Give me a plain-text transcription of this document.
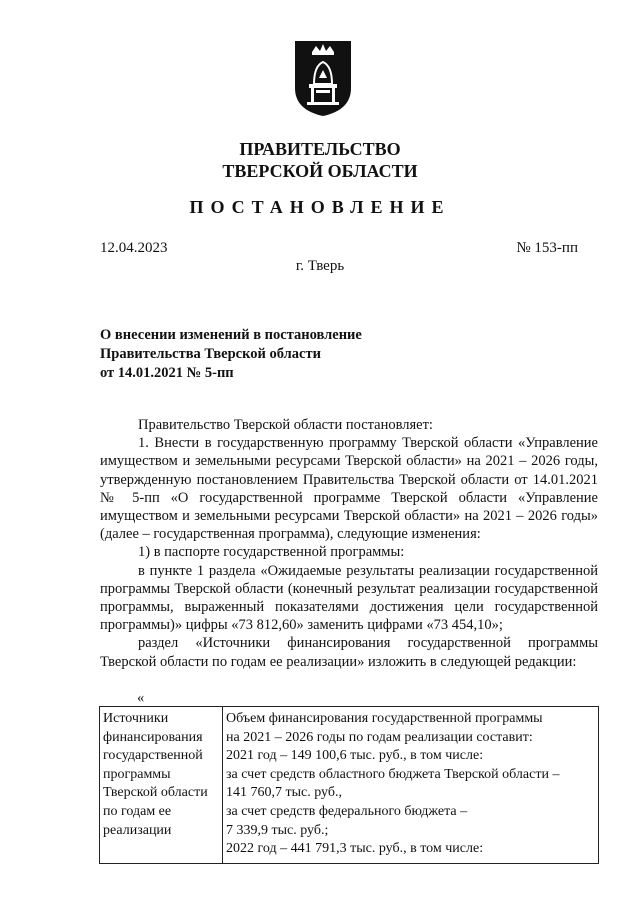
ПРАВИТЕЛЬСТВО
ТВЕРСКОЙ ОБЛАСТИ
ПОСТАНОВЛЕНИЕ
12.04.2023	№ 153-пп
г. Тверь
О внесении изменений в постановление
Правительства Тверской области
от 14.01.2021 № 5-пп

Правительство Тверской области постановляет:

1. Внести в государственную программу Тверской области «Управление имуществом и земельными ресурсами Тверской области» на 2021 – 2026 годы, утвержденную постановлением Правительства Тверской области от 14.01.2021 № 5-пп «О государственной программе Тверской области «Управление имуществом и земельными ресурсами Тверской области» на 2021 – 2026 годы» (далее – государственная программа), следующие изменения:

1) в паспорте государственной программы:

в пункте 1 раздела «Ожидаемые результаты реализации государственной программы Тверской области (конечный результат реализации государственной программы, выраженный показателями достижения цели государственной программы)» цифры «73 812,60» заменить цифрами «73 454,10»;

раздел «Источники финансирования государственной программы Тверской области по годам ее реализации» изложить в следующей редакции:

«
Источники
финансирования
государственной
программы
Тверской области
по годам ее
реализации

Объем финансирования государственной программы
на 2021 – 2026 годы по годам реализации составит:
2021 год – 149 100,6 тыс. руб., в том числе:
за счет средств областного бюджета Тверской области –
141 760,7 тыс. руб.,
за счет средств федерального бюджета –
7 339,9 тыс. руб.;
2022 год – 441 791,3 тыс. руб., в том числе:
